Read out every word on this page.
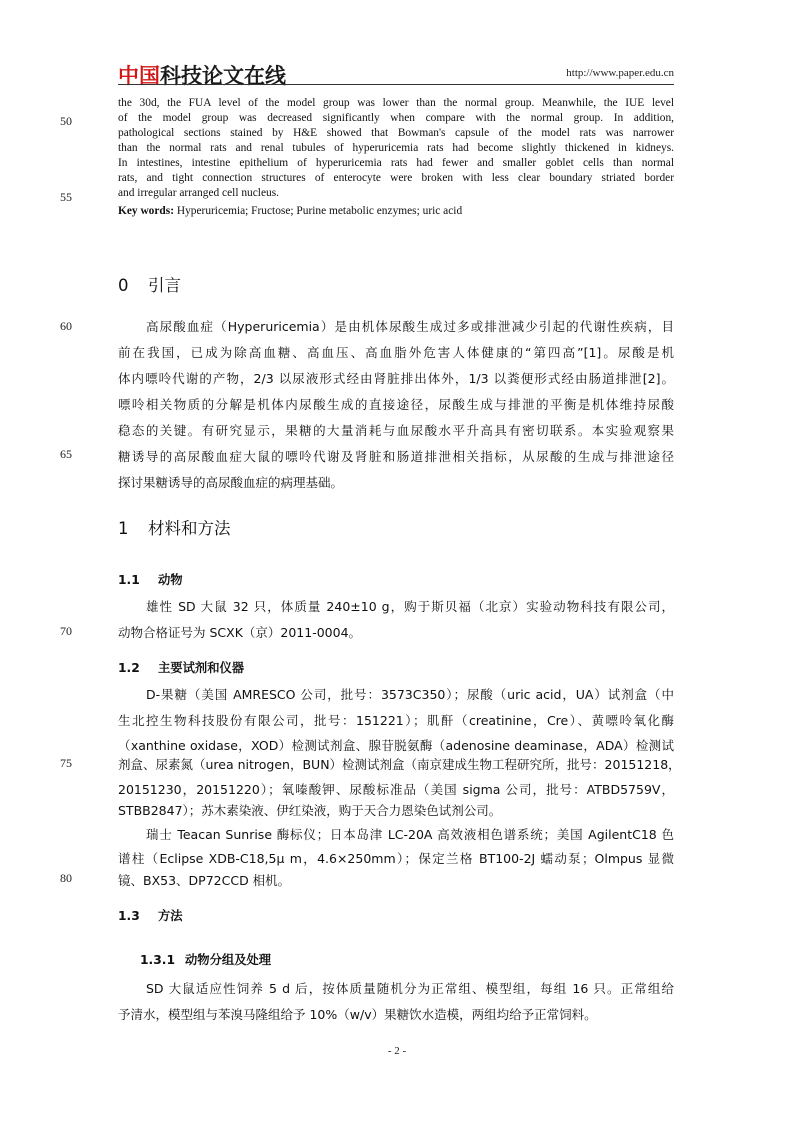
中国科技论文在线	http://www.paper.edu.cn
50
55
60
65
70
75
80
the 30d, the FUA level of the model group was lower than the normal group. Meanwhile, the IUE level
of the model group was decreased significantly when compare with the normal group. In addition,
pathological sections stained by H&E showed that Bowman's capsule of the model rats was narrower
than the normal rats and renal tubules of hyperuricemia rats had become slightly thickened in kidneys.
In intestines, intestine epithelium of hyperuricemia rats had fewer and smaller goblet cells than normal
rats, and tight connection structures of enterocyte were broken with less clear boundary striated border
and irregular arranged cell nucleus.
Key words: Hyperuricemia; Fructose; Purine metabolic enzymes; uric acid
0 引言
高尿酸血症（Hyperuricemia）是由机体尿酸生成过多或排泄减少引起的代谢性疾病，目
前在我国，已成为除高血糖、高血压、高血脂外危害人体健康的“第四高”[1]。尿酸是机
体内嘌呤代谢的产物，2/3 以尿液形式经由肾脏排出体外，1/3 以粪便形式经由肠道排泄[2]。
嘌呤相关物质的分解是机体内尿酸生成的直接途径，尿酸生成与排泄的平衡是机体维持尿酸
稳态的关键。有研究显示，果糖的大量消耗与血尿酸水平升高具有密切联系。本实验观察果
糖诱导的高尿酸血症大鼠的嘌呤代谢及肾脏和肠道排泄相关指标，从尿酸的生成与排泄途径
探讨果糖诱导的高尿酸血症的病理基础。
1 材料和方法
1.1 动物
雄性 SD 大鼠 32 只，体质量 240±10 g，购于斯贝福（北京）实验动物科技有限公司，
动物合格证号为 SCXK（京）2011-0004。
1.2 主要试剂和仪器
D-果糖（美国 AMRESCO 公司，批号：3573C350）；尿酸（uric acid，UA）试剂盒（中
生北控生物科技股份有限公司，批号：151221）；肌酐（creatinine，Cre）、黄嘌呤氧化酶
（xanthine oxidase，XOD）检测试剂盒、腺苷脱氨酶（adenosine deaminase，ADA）检测试
剂盒、尿素氮（urea nitrogen，BUN）检测试剂盒（南京建成生物工程研究所，批号：20151218，
20151230，20151220）；氧嗪酸钾、尿酸标准品（美国 sigma 公司，批号：ATBD5759V，
STBB2847）；苏木素染液、伊红染液，购于天合力恩染色试剂公司。
瑞士 Teacan Sunrise 酶标仪；日本岛津 LC-20A 高效液相色谱系统；美国 AgilentC18 色
谱柱（Eclipse XDB-C18,5μ m，4.6×250mm）；保定兰格 BT100-2J 蠕动泵；Olmpus 显微
镜、BX53、DP72CCD 相机。
1.3 方法
1.3.1 动物分组及处理
SD 大鼠适应性饲养 5 d 后，按体质量随机分为正常组、模型组，每组 16 只。正常组给
予清水，模型组与苯溴马隆组给予 10%（w/v）果糖饮水造模，两组均给予正常饲料。
- 2 -
